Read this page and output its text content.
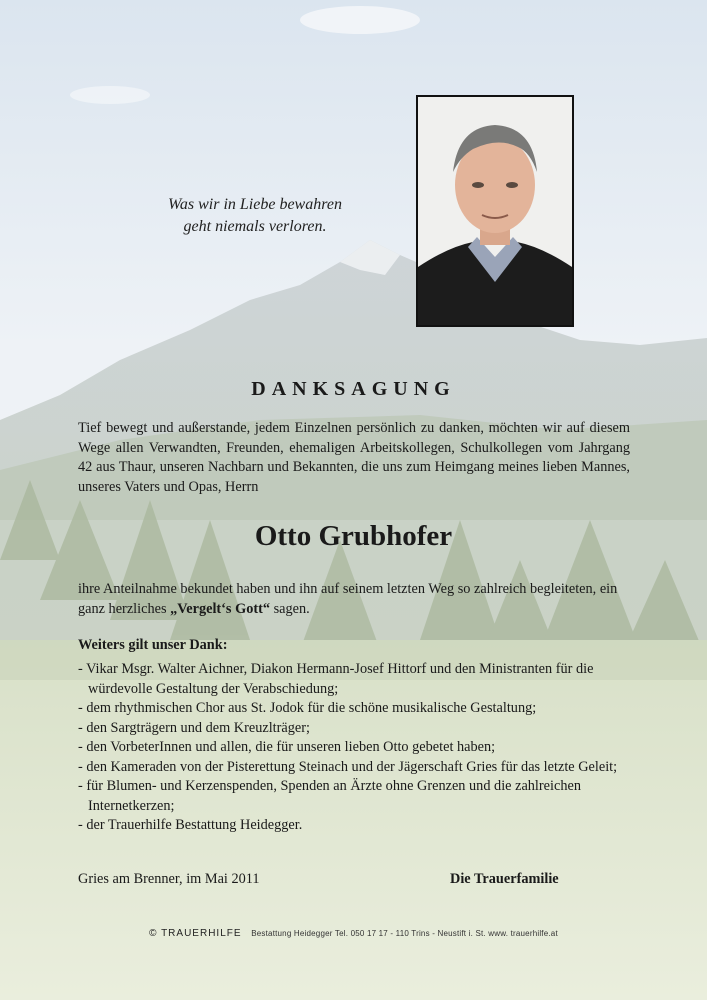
Was wir in Liebe bewahren
geht niemals verloren.
DANKSAGUNG
Tief bewegt und außerstande, jedem Einzelnen persönlich zu danken, möchten wir auf diesem Wege allen Verwandten, Freunden, ehemaligen Arbeitskollegen, Schulkollegen vom Jahrgang 42 aus Thaur, unseren Nachbarn und Bekannten, die uns zum Heimgang meines lieben Mannes, unseres Vaters und Opas, Herrn
Otto Grubhofer
ihre Anteilnahme bekundet haben und ihn auf seinem letzten Weg so zahlreich begleiteten, ein ganz herzliches „Vergelt‘s Gott“ sagen.
Weiters gilt unser Dank:
- Vikar Msgr. Walter Aichner, Diakon Hermann-Josef Hittorf und den Ministranten für die würdevolle Gestaltung der Verabschiedung;
- dem rhythmischen Chor aus St. Jodok für die schöne musikalische Gestaltung;
- den Sargträgern und dem Kreuzlträger;
- den VorbeterInnen und allen, die für unseren lieben Otto gebetet haben;
- den Kameraden von der Pisterettung Steinach und der Jägerschaft Gries für das letzte Geleit;
- für Blumen- und Kerzenspenden, Spenden an Ärzte ohne Grenzen und die zahlreichen Internetkerzen;
- der Trauerhilfe Bestattung Heidegger.
Gries am Brenner, im Mai 2011	Die Trauerfamilie
© TRAUERHILFE Bestattung Heidegger Tel. 050 17 17 - 110 Trins - Neustift i. St. www. trauerhilfe.at
